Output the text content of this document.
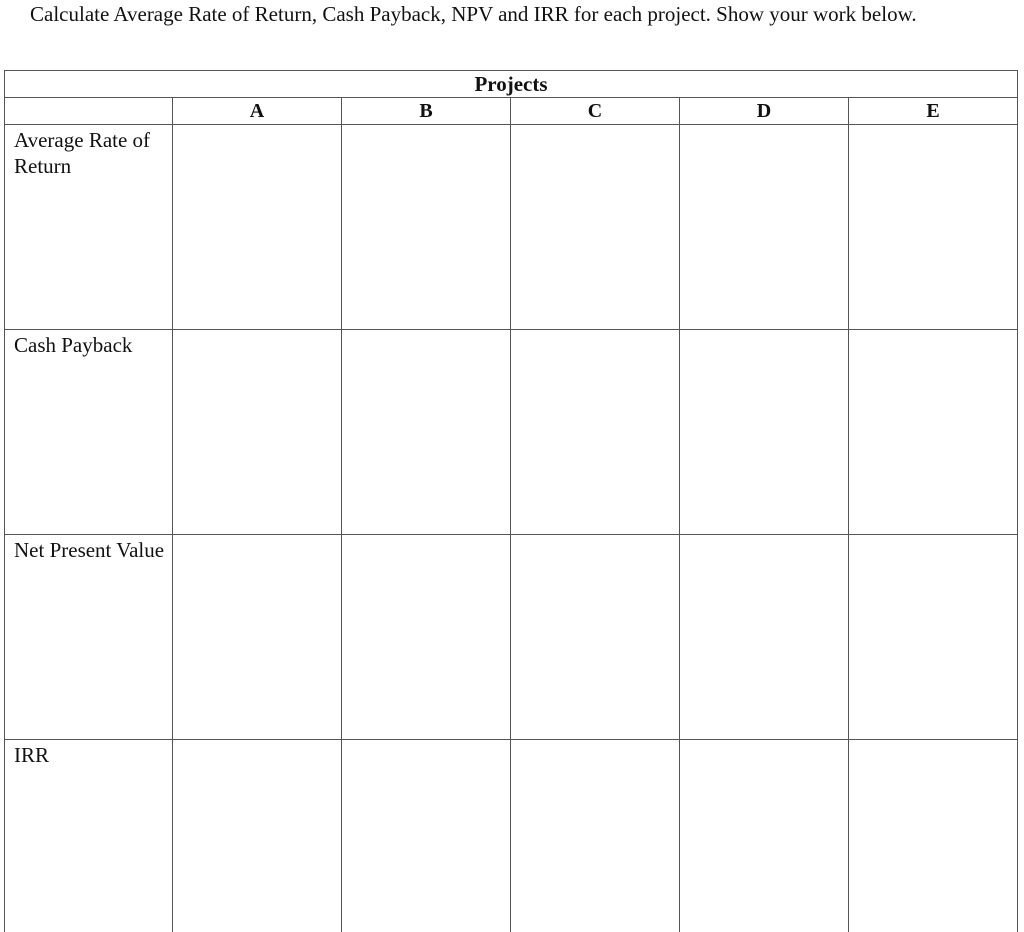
Calculate Average Rate of Return, Cash Payback, NPV and IRR for each project. Show your work below.

Projects					
	A	B	C	D	E
Average Rate of Return					
Cash Payback					
Net Present Value					
IRR					
